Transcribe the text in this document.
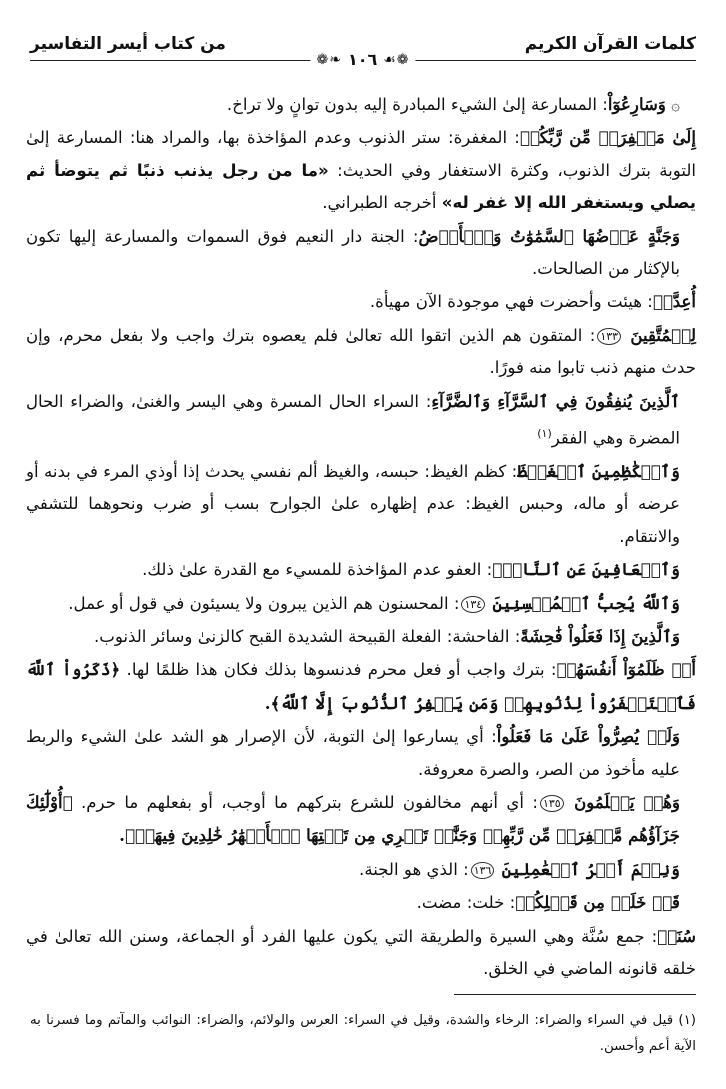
كلمات القرآن الكريم
من كتاب أيسر التفاسير
❁❧ ١٠٦ ☙❁

۞ وَسَارِعُوٓاْ: المسارعة إلىٰ الشيء المبادرة إليه بدون توانٍ ولا تراخ.

إِلَىٰ مَغۡفِرَةٖ مِّن رَّبِّكُمۡ: المغفرة: ستر الذنوب وعدم المؤاخذة بها، والمراد هنا: المسارعة إلىٰ التوبة بترك الذنوب، وكثرة الاستغفار وفي الحديث: «ما من رجل يذنب ذنبًا ثم يتوضأ ثم يصلي ويستغفر الله إلا غفر له» أخرجه الطبراني.

وَجَنَّةٍ عَرۡضُهَا ٱلسَّمَٰوَٰتُ وَٱلۡأَرۡضُ: الجنة دار النعيم فوق السموات والمسارعة إليها تكون بالإكثار من الصالحات.

أُعِدَّتۡ: هيئت وأحضرت فهي موجودة الآن مهيأة.

لِلۡمُتَّقِينَ ١٣٣: المتقون هم الذين اتقوا الله تعالىٰ فلم يعصوه بترك واجب ولا بفعل محرم، وإن حدث منهم ذنب تابوا منه فورًا.

ٱلَّذِينَ يُنفِقُونَ فِي ٱلسَّرَّآءِ وَٱلضَّرَّآءِ: السراء الحال المسرة وهي اليسر والغنىٰ، والضراء الحال المضرة وهي الفقر$^{(١)}$

وَٱلۡكَٰظِمِينَ ٱلۡغَيۡظَ: كظم الغيظ: حبسه، والغيظ ألم نفسي يحدث إذا أوذي المرء في بدنه أو عرضه أو ماله، وحبس الغيظ: عدم إظهاره علىٰ الجوارح بسب أو ضرب ونحوهما للتشفي والانتقام.

وَٱلۡعَافِينَ عَنِ ٱلنَّاسِۗ: العفو عدم المؤاخذة للمسيء مع القدرة علىٰ ذلك.

وَٱللَّهُ يُحِبُّ ٱلۡمُحۡسِنِينَ ١٣٤: المحسنون هم الذين يبرون ولا يسيئون في قول أو عمل.

وَٱلَّذِينَ إِذَا فَعَلُواْ فَٰحِشَةً: الفاحشة: الفعلة القبيحة الشديدة القبح كالزنىٰ وسائر الذنوب.

أَوۡ ظَلَمُوٓاْ أَنفُسَهُمۡ: بترك واجب أو فعل محرم فدنسوها بذلك فكان هذا ظلمًا لها. ﴿ذَكَرُواْ ٱللَّهَ فَٱسۡتَغۡفَرُواْ لِذُنُوبِهِمۡ وَمَن يَغۡفِرُ ٱلذُّنُوبَ إِلَّا ٱللَّهُ﴾.

وَلَمۡ يُصِرُّواْ عَلَىٰ مَا فَعَلُواْ: أي يسارعوا إلىٰ التوبة، لأن الإصرار هو الشد علىٰ الشيء والربط عليه مأخوذ من الصر، والصرة معروفة.

وَهُمۡ يَعۡلَمُونَ ١٣٥: أي أنهم مخالفون للشرع بتركهم ما أوجب، أو بفعلهم ما حرم. ﴿أُوْلَٰٓئِكَ جَزَآؤُهُم مَّغۡفِرَةٞ مِّن رَّبِّهِمۡ وَجَنَّٰتٞ تَجۡرِي مِن تَحۡتِهَا ٱلۡأَنۡهَٰرُ خَٰلِدِينَ فِيهَاۚ﴾.

وَنِعۡمَ أَجۡرُ ٱلۡعَٰمِلِينَ ١٣٦: الذي هو الجنة.

قَدۡ خَلَتۡ مِن قَبۡلِكُمۡ: خلت: مضت.

سُنَنٞ: جمع سُنَّة وهي السيرة والطريقة التي يكون عليها الفرد أو الجماعة، وسنن الله تعالىٰ في خلقه قانونه الماضي في الخلق.

(١) قيل في السراء والضراء: الرخاء والشدة، وقيل في السراء: العرس والولائم، والضراء: النوائب والمآتم وما فسرنا به الآية أعم وأحسن.
